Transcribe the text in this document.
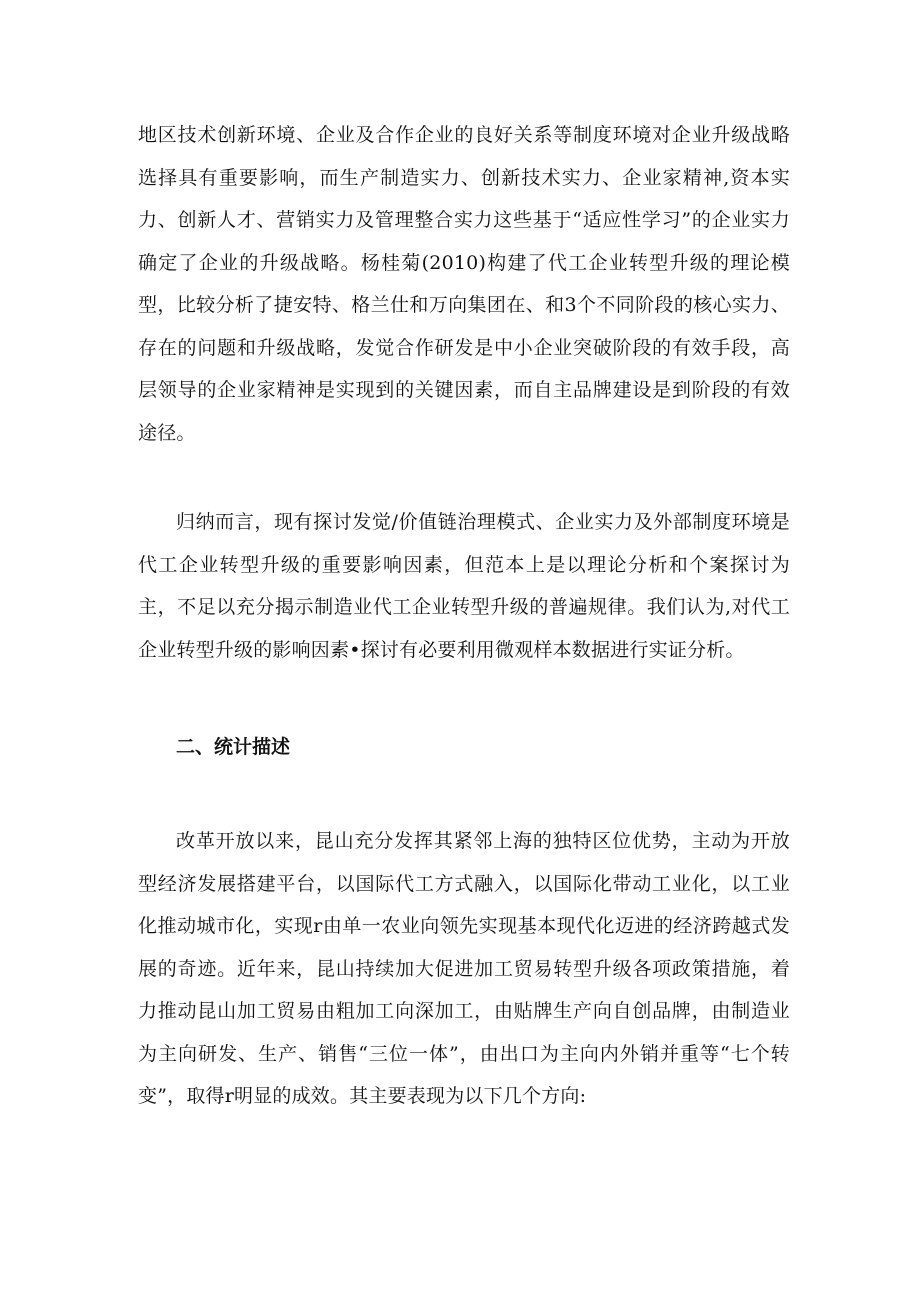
地区技术创新环境、企业及合作企业的良好关系等制度环境对企业升级战略选择具有重要影响，而生产制造实力、创新技术实力、企业家精神,资本实力、创新人才、营销实力及管理整合实力这些基于“适应性学习”的企业实力确定了企业的升级战略。杨桂菊(2010)构建了代工企业转型升级的理论模型，比较分析了捷安特、格兰仕和万向集团在、和3个不同阶段的核心实力、存在的问题和升级战略，发觉合作研发是中小企业突破阶段的有效手段，高层领导的企业家精神是实现到的关键因素，而自主品牌建设是到阶段的有效途径。

归纳而言，现有探讨发觉/价值链治理模式、企业实力及外部制度环境是代工企业转型升级的重要影响因素，但范本上是以理论分析和个案探讨为主，不足以充分揭示制造业代工企业转型升级的普遍规律。我们认为,对代工企业转型升级的影响因素•探讨有必要利用微观样本数据进行实证分析。

二、统计描述

改革开放以来，昆山充分发挥其紧邻上海的独特区位优势，主动为开放型经济发展搭建平台，以国际代工方式融入，以国际化带动工业化，以工业化推动城市化，实现r由单一农业向领先实现基本现代化迈进的经济跨越式发展的奇迹。近年来，昆山持续加大促进加工贸易转型升级各项政策措施，着力推动昆山加工贸易由粗加工向深加工，由贴牌生产向自创品牌，由制造业为主向研发、生产、销售“三位一体”，由出口为主向内外销并重等“七个转变”，取得r明显的成效。其主要表现为以下几个方向:
